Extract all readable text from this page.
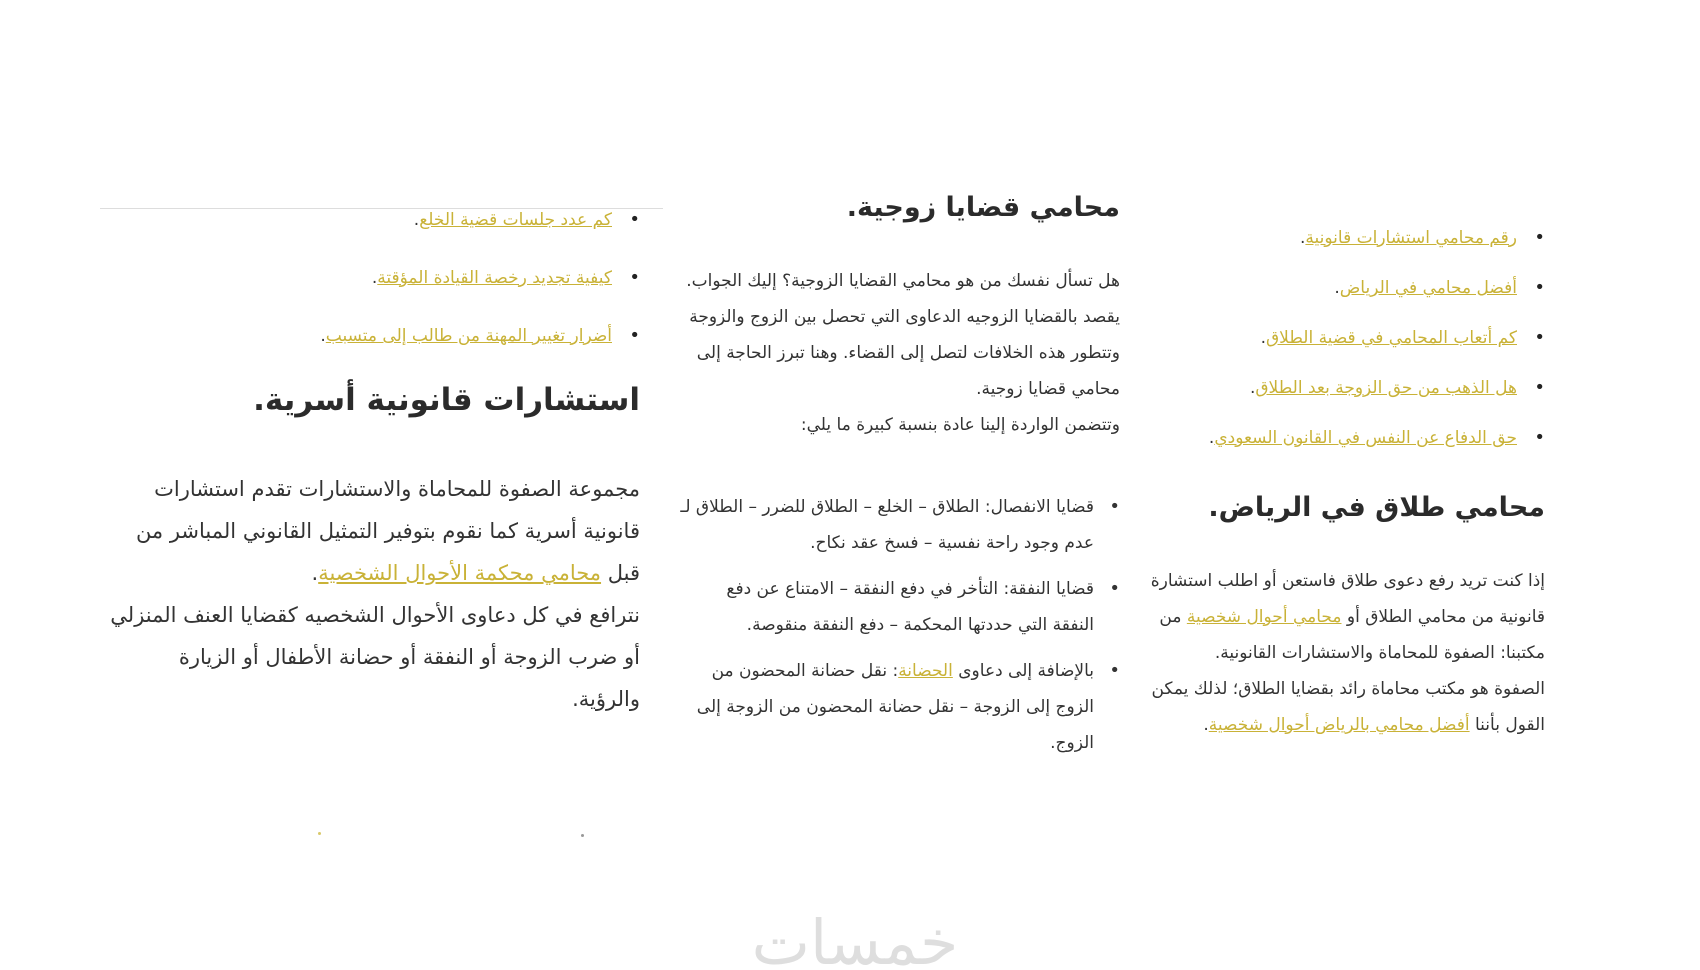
•
رقم محامي استشارات قانونية.
•
أفضل محامي في الرياض.
•
كم أتعاب المحامي في قضية الطلاق.
•
هل الذهب من حق الزوجة بعد الطلاق.
•
حق الدفاع عن النفس في القانون السعودي.
محامي طلاق في الرياض.

إذا كنت تريد رفع دعوى طلاق فاستعن أو اطلب استشارة قانونية من محامي الطلاق أو محامي أحوال شخصية من مكتبنا: الصفوة للمحاماة والاستشارات القانونية.

الصفوة هو مكتب محاماة رائد بقضايا الطلاق؛ لذلك يمكن القول بأننا أفضل محامي بالرياض أحوال شخصية.

محامي قضايا زوجية.

هل تسأل نفسك من هو محامي القضايا الزوجية؟ إليك الجواب.

يقصد بالقضايا الزوجيه الدعاوى التي تحصل بين الزوج والزوجة وتتطور هذه الخلافات لتصل إلى القضاء. وهنا تبرز الحاجة إلى محامي قضايا زوجية.

وتتضمن الواردة إلينا عادة بنسبة كبيرة ما يلي:

•
قضايا الانفصال: الطلاق – الخلع – الطلاق للضرر – الطلاق لـ عدم وجود راحة نفسية – فسخ عقد نكاح.
•
قضايا النفقة: التأخر في دفع النفقة – الامتناع عن دفع النفقة التي حددتها المحكمة – دفع النفقة منقوصة.
•
بالإضافة إلى دعاوى الحضانة: نقل حضانة المحضون من الزوج إلى الزوجة – نقل حضانة المحضون من الزوجة إلى الزوج.
•
كم عدد جلسات قضية الخلع.
•
كيفية تجديد رخصة القيادة المؤقتة.
•
أضرار تغيير المهنة من طالب إلى متسبب.
استشارات قانونية أسرية.

مجموعة الصفوة للمحاماة والاستشارات تقدم استشارات قانونية أسرية كما نقوم بتوفير التمثيل القانوني المباشر من قبل محامي محكمة الأحوال الشخصية.

نترافع في كل دعاوى الأحوال الشخصيه كقضايا العنف المنزلي أو ضرب الزوجة أو النفقة أو حضانة الأطفال أو الزيارة والرؤية.

خمسات
